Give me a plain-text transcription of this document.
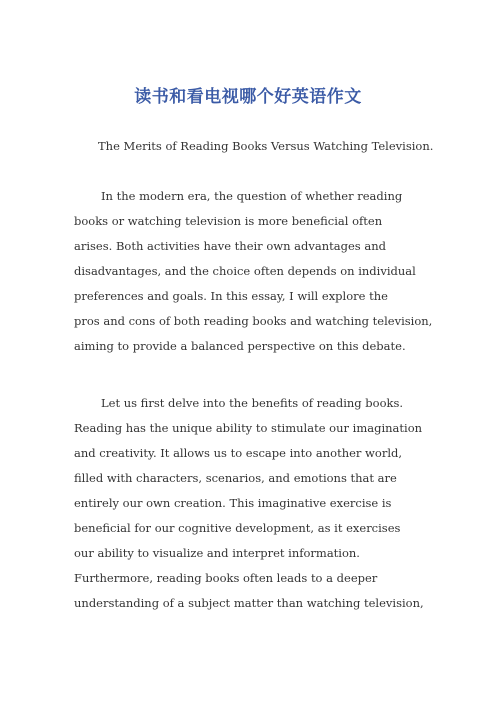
读书和看电视哪个好英语作文

The Merits of Reading Books Versus Watching Television.

In the modern era, the question of whether reading

books or watching television is more beneficial often

arises. Both activities have their own advantages and

disadvantages, and the choice often depends on individual

preferences and goals. In this essay, I will explore the

pros and cons of both reading books and watching television,

aiming to provide a balanced perspective on this debate.

Let us first delve into the benefits of reading books.

Reading has the unique ability to stimulate our imagination

and creativity. It allows us to escape into another world,

filled with characters, scenarios, and emotions that are

entirely our own creation. This imaginative exercise is

beneficial for our cognitive development, as it exercises

our ability to visualize and interpret information.

Furthermore, reading books often leads to a deeper

understanding of a subject matter than watching television,
